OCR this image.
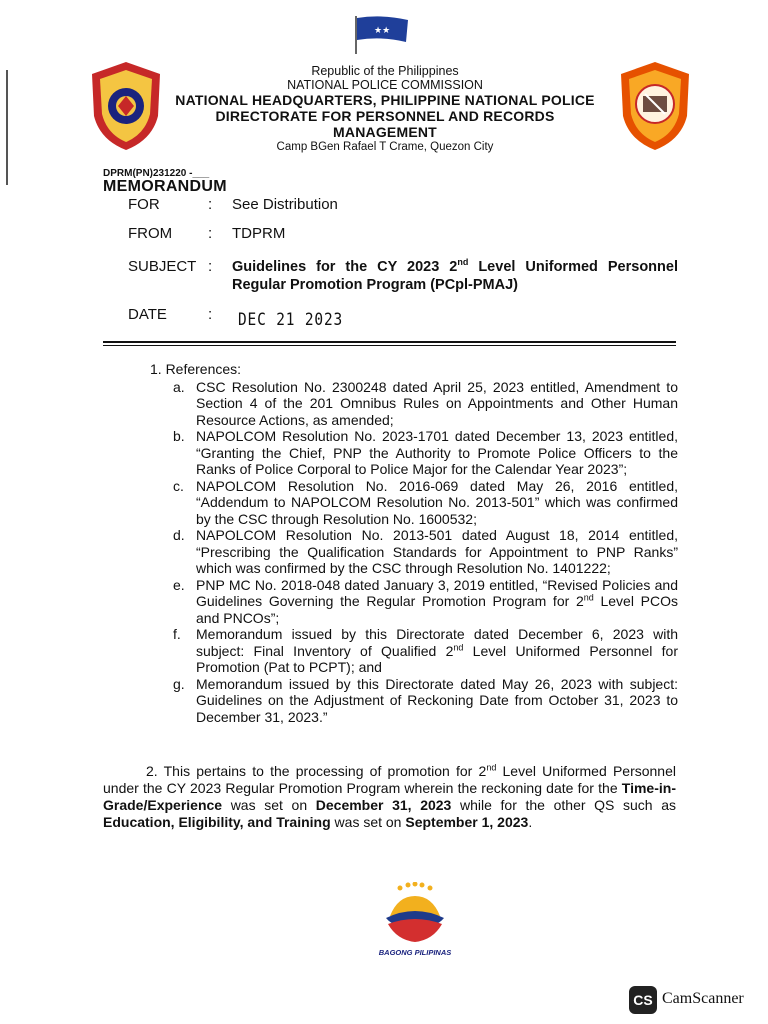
★★
Republic of the Philippines
NATIONAL POLICE COMMISSION
NATIONAL HEADQUARTERS, PHILIPPINE NATIONAL POLICE
DIRECTORATE FOR PERSONNEL AND RECORDS MANAGEMENT
Camp BGen Rafael T Crame, Quezon City
DPRM(PN)231220 -___
MEMORANDUM
FOR	: See Distribution
FROM : TDPRM
SUBJECT : Guidelines for the CY 2023 2nd Level Uniformed Personnel Regular Promotion Program (PCpl-PMAJ)
DATE	: DEC 21 2023
1. References:
a. CSC Resolution No. 2300248 dated April 25, 2023 entitled, Amendment to Section 4 of the 201 Omnibus Rules on Appointments and Other Human Resource Actions, as amended;
b. NAPOLCOM Resolution No. 2023-1701 dated December 13, 2023 entitled, “Granting the Chief, PNP the Authority to Promote Police Officers to the Ranks of Police Corporal to Police Major for the Calendar Year 2023”;
c. NAPOLCOM Resolution No. 2016-069 dated May 26, 2016 entitled, “Addendum to NAPOLCOM Resolution No. 2013-501” which was confirmed by the CSC through Resolution No. 1600532;
d. NAPOLCOM Resolution No. 2013-501 dated August 18, 2014 entitled, “Prescribing the Qualification Standards for Appointment to PNP Ranks” which was confirmed by the CSC through Resolution No. 1401222;
e. PNP MC No. 2018-048 dated January 3, 2019 entitled, “Revised Policies and Guidelines Governing the Regular Promotion Program for 2nd Level PCOs and PNCOs”;
f. Memorandum issued by this Directorate dated December 6, 2023 with subject: Final Inventory of Qualified 2nd Level Uniformed Personnel for Promotion (Pat to PCPT); and
g. Memorandum issued by this Directorate dated May 26, 2023 with subject: Guidelines on the Adjustment of Reckoning Date from October 31, 2023 to December 31, 2023.”
2. This pertains to the processing of promotion for 2nd Level Uniformed Personnel under the CY 2023 Regular Promotion Program wherein the reckoning date for the Time-in-Grade/Experience was set on December 31, 2023 while for the other QS such as Education, Eligibility, and Training was set on September 1, 2023.
BAGONG PILIPINAS
CS CamScanner
